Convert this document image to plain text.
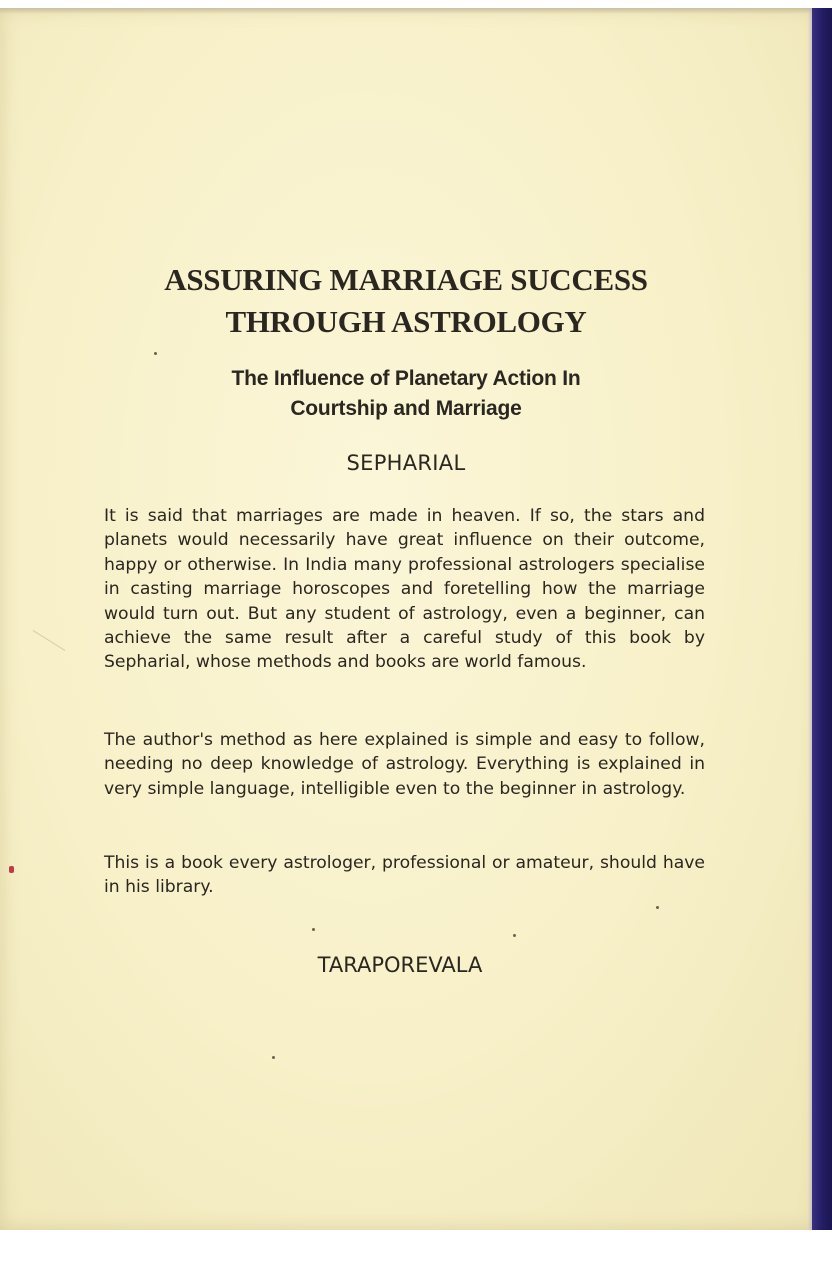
ASSURING MARRIAGE SUCCESS
THROUGH ASTROLOGY
The Influence of Planetary Action In
Courtship and Marriage

SEPHARIAL

It is said that marriages are made in heaven. If so, the stars and planets would necessarily have great influence on their outcome, happy or otherwise. In India many professional astrologers specialise in casting marriage horoscopes and foretelling how the marriage would turn out. But any student of astrology, even a beginner, can achieve the same result after a careful study of this book by Sepharial, whose methods and books are world famous.

The author's method as here explained is simple and easy to follow, needing no deep knowledge of astrology. Everything is explained in very simple language, intelligible even to the beginner in astrology.

This is a book every astrologer, professional or amateur, should have in his library.

TARAPOREVALA
